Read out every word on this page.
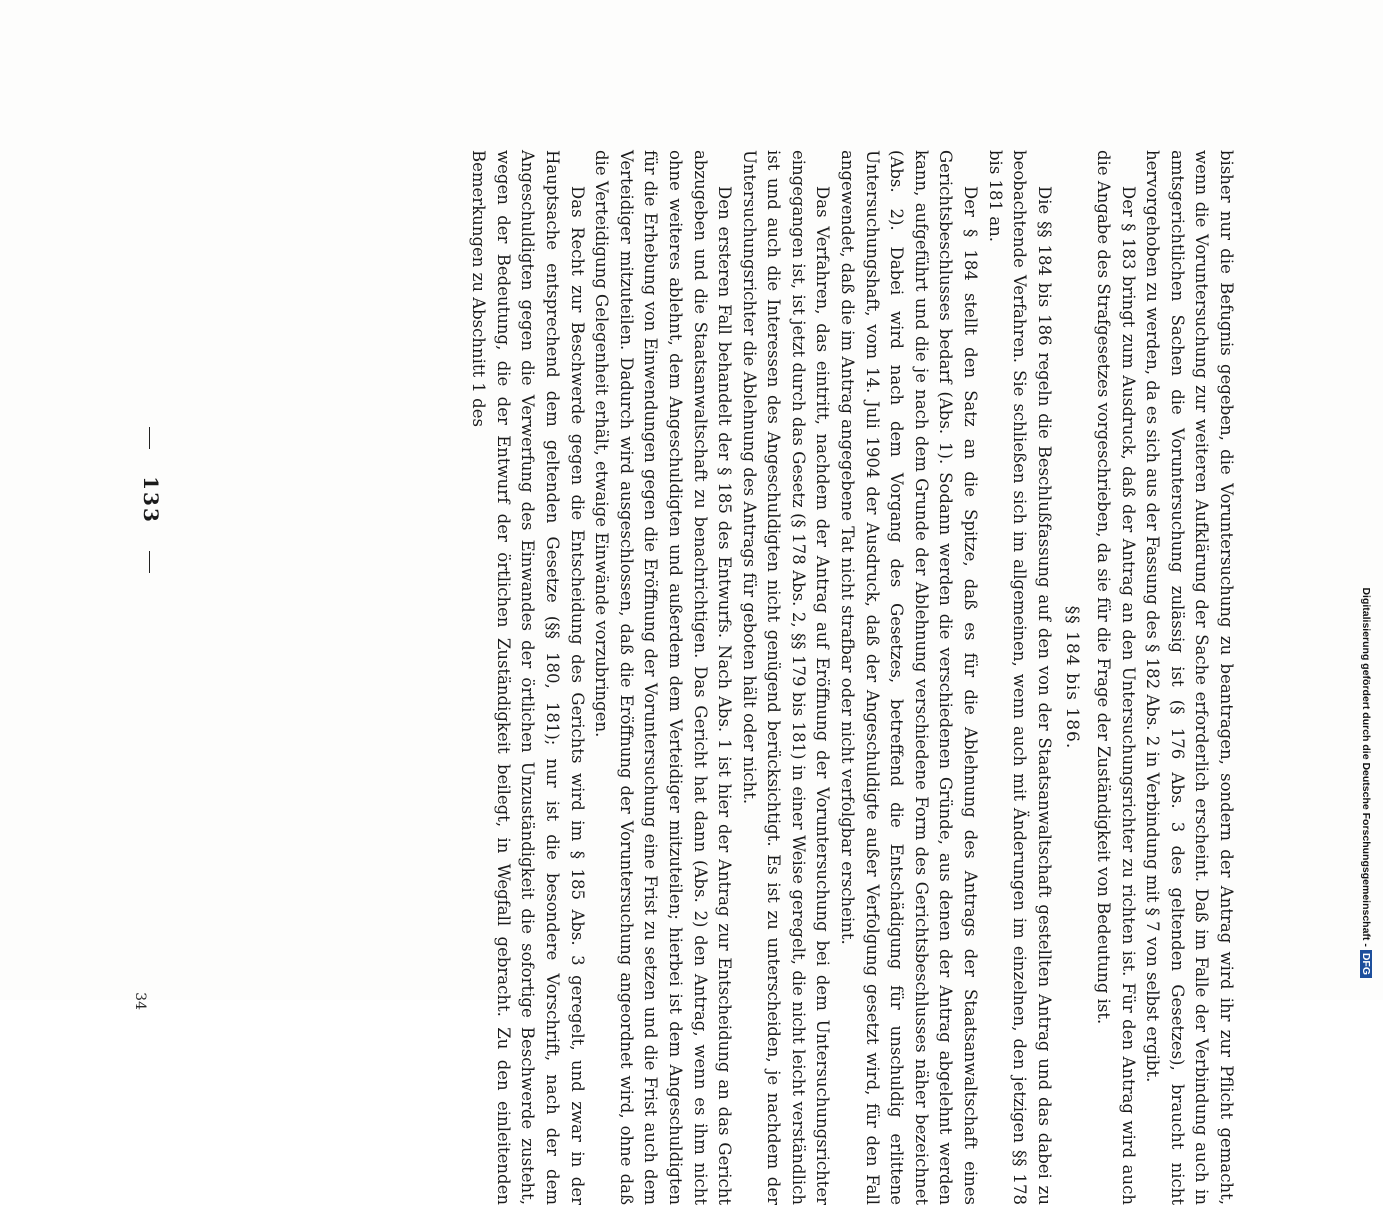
133	bisher nur die Befugnis gegeben, die Voruntersuchung zu beantragen, sondern der Antrag wird ihr zur Pflicht gemacht, wenn die Voruntersuchung zur weiteren Aufklärung der Sache erforderlich erscheint. Daß im Falle der Verbindung auch in amtsgerichtlichen Sachen die Voruntersuchung zulässig ist (§ 176 Abs. 3 des geltenden Gesetzes), braucht nicht hervorgehoben zu werden, da es sich aus der Fassung des § 182 Abs. 2 in Verbindung mit § 7 von selbst ergibt.

Der § 183 bringt zum Ausdruck, daß der Antrag an den Untersuchungsrichter zu richten ist. Für den Antrag wird auch die Angabe des Strafgesetzes vorgeschrieben, da sie für die Frage der Zuständigkeit von Bedeutung ist.

§§ 184 bis 186.

Die §§ 184 bis 186 regeln die Beschlußfassung auf den von der Staatsanwaltschaft gestellten Antrag und das dabei zu beobachtende Verfahren. Sie schließen sich im allgemeinen, wenn auch mit Änderungen im einzelnen, den jetzigen §§ 178 bis 181 an.

Der § 184 stellt den Satz an die Spitze, daß es für die Ablehnung des Antrags der Staatsanwaltschaft eines Gerichtsbeschlusses bedarf (Abs. 1). Sodann werden die verschiedenen Gründe, aus denen der Antrag abgelehnt werden kann, aufgeführt und die je nach dem Grunde der Ablehnung verschiedene Form des Gerichtsbeschlusses näher bezeichnet (Abs. 2). Dabei wird nach dem Vorgang des Gesetzes, betreffend die Entschädigung für unschuldig erlittene Untersuchungshaft, vom 14. Juli 1904 der Ausdruck, daß der Angeschuldigte außer Verfolgung gesetzt wird, für den Fall angewendet, daß die im Antrag angegebene Tat nicht strafbar oder nicht verfolgbar erscheint.

Das Verfahren, das eintritt, nachdem der Antrag auf Eröffnung der Voruntersuchung bei dem Untersuchungsrichter eingegangen ist, ist jetzt durch das Gesetz (§ 178 Abs. 2, §§ 179 bis 181) in einer Weise geregelt, die nicht leicht verständlich ist und auch die Interessen des Angeschuldigten nicht genügend berücksichtigt. Es ist zu unterscheiden, je nachdem der Untersuchungsrichter die Ablehnung des Antrags für geboten hält oder nicht.

Den ersteren Fall behandelt der § 185 des Entwurfs. Nach Abs. 1 ist hier der Antrag zur Entscheidung an das Gericht abzugeben und die Staatsanwaltschaft zu benachrichtigen. Das Gericht hat dann (Abs. 2) den Antrag, wenn es ihm nicht ohne weiteres ablehnt, dem Angeschuldigten und außerdem dem Verteidiger mitzuteilen; hierbei ist dem Angeschuldigten für die Erhebung von Einwendungen gegen die Eröffnung der Voruntersuchung eine Frist zu setzen und die Frist auch dem Verteidiger mitzuteilen. Dadurch wird ausgeschlossen, daß die Eröffnung der Voruntersuchung angeordnet wird, ohne daß die Verteidigung Gelegenheit erhält, etwaige Einwände vorzubringen.

Das Recht zur Beschwerde gegen die Entscheidung des Gerichts wird im § 185 Abs. 3 geregelt, und zwar in der Hauptsache entsprechend dem geltenden Gesetze (§§ 180, 181); nur ist die besondere Vorschrift, nach der dem Angeschuldigten gegen die Verwerfung des Einwandes der örtlichen Unzuständigkeit die sofortige Beschwerde zusteht, wegen der Bedeutung, die der Entwurf der örtlichen Zuständigkeit beilegt, in Wegfall gebracht. Zu den einleitenden Bemerkungen zu Abschnitt 1 des

34
Digitalisierung gefördert durch die Deutsche Forschungsgemeinschaft -DFG
